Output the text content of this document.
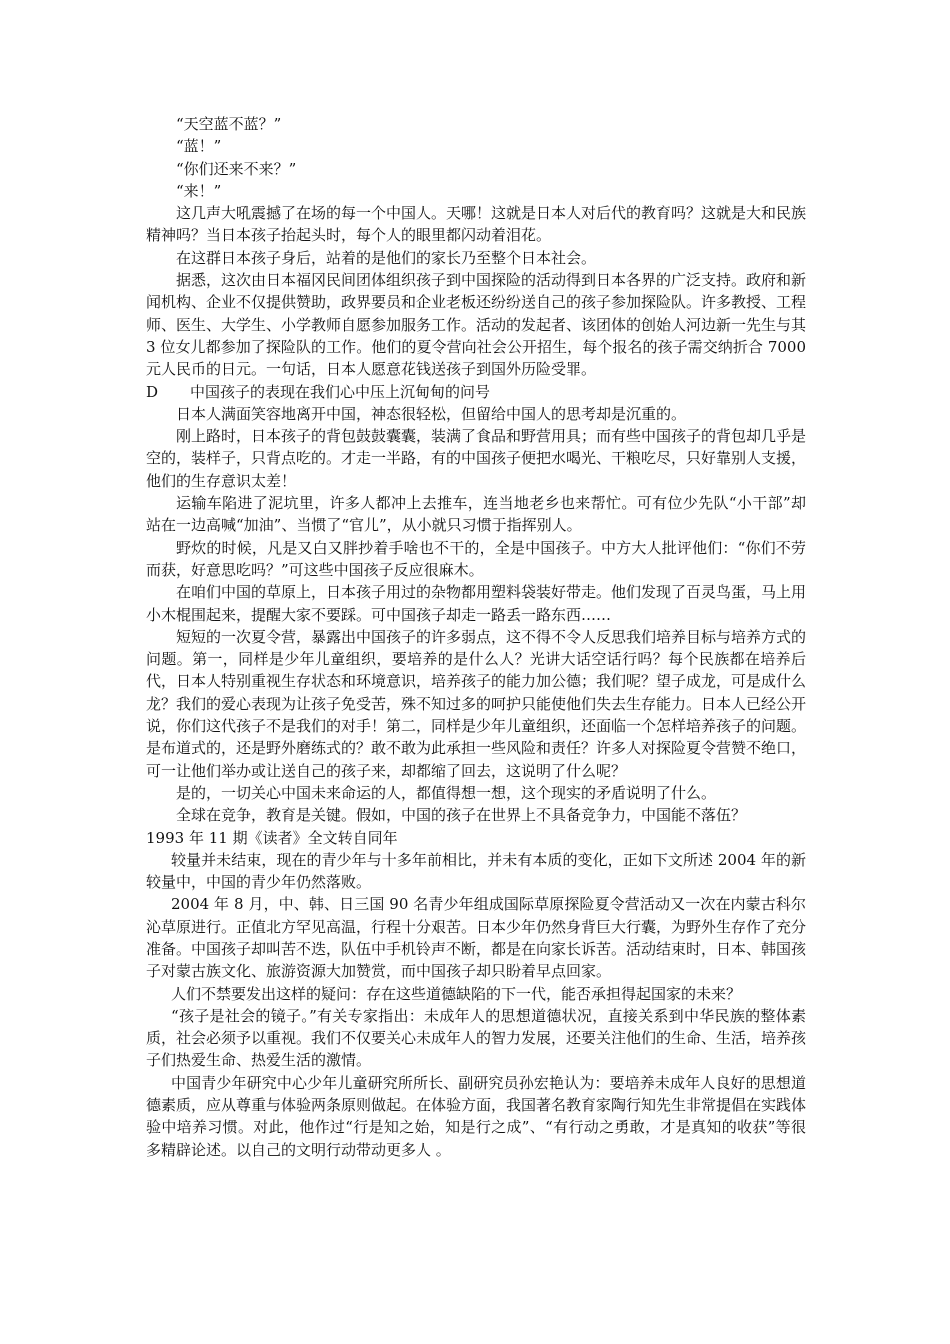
“天空蓝不蓝？”

“蓝！”

“你们还来不来？”

“来！”

这几声大吼震撼了在场的每一个中国人。天哪！这就是日本人对后代的教育吗？这就是大和民族精神吗？当日本孩子抬起头时，每个人的眼里都闪动着泪花。

在这群日本孩子身后，站着的是他们的家长乃至整个日本社会。

据悉，这次由日本福冈民间团体组织孩子到中国探险的活动得到日本各界的广泛支持。政府和新闻机构、企业不仅提供赞助，政界要员和企业老板还纷纷送自己的孩子参加探险队。许多教授、工程师、医生、大学生、小学教师自愿参加服务工作。活动的发起者、该团体的创始人河边新一先生与其 3 位女儿都参加了探险队的工作。他们的夏令营向社会公开招生，每个报名的孩子需交纳折合 7000 元人民币的日元。一句话，日本人愿意花钱送孩子到国外历险受罪。

D 中国孩子的表现在我们心中压上沉甸甸的问号

日本人满面笑容地离开中国，神态很轻松，但留给中国人的思考却是沉重的。

刚上路时，日本孩子的背包鼓鼓囊囊，装满了食品和野营用具；而有些中国孩子的背包却几乎是空的，装样子，只背点吃的。才走一半路，有的中国孩子便把水喝光、干粮吃尽，只好靠别人支援，他们的生存意识太差！

运输车陷进了泥坑里，许多人都冲上去推车，连当地老乡也来帮忙。可有位少先队“小干部”却站在一边高喊“加油”、当惯了“官儿”，从小就只习惯于指挥别人。

野炊的时候，凡是又白又胖抄着手啥也不干的，全是中国孩子。中方大人批评他们：“你们不劳而获，好意思吃吗？”可这些中国孩子反应很麻木。

在咱们中国的草原上，日本孩子用过的杂物都用塑料袋装好带走。他们发现了百灵鸟蛋，马上用小木棍围起来，提醒大家不要踩。可中国孩子却走一路丢一路东西……

短短的一次夏令营，暴露出中国孩子的许多弱点，这不得不令人反思我们培养目标与培养方式的问题。第一，同样是少年儿童组织，要培养的是什么人？光讲大话空话行吗？每个民族都在培养后代，日本人特别重视生存状态和环境意识，培养孩子的能力加公德；我们呢？望子成龙，可是成什么龙？我们的爱心表现为让孩子免受苦，殊不知过多的呵护只能使他们失去生存能力。日本人已经公开说，你们这代孩子不是我们的对手！第二，同样是少年儿童组织，还面临一个怎样培养孩子的问题。是布道式的，还是野外磨练式的？敢不敢为此承担一些风险和责任？许多人对探险夏令营赞不绝口，可一让他们举办或让送自己的孩子来，却都缩了回去，这说明了什么呢？

是的，一切关心中国未来命运的人，都值得想一想，这个现实的矛盾说明了什么。

全球在竞争，教育是关键。假如，中国的孩子在世界上不具备竞争力，中国能不落伍？

1993 年 11 期《读者》全文转自同年

较量并未结束，现在的青少年与十多年前相比，并未有本质的变化，正如下文所述 2004 年的新较量中，中国的青少年仍然落败。

2004 年 8 月，中、韩、日三国 90 名青少年组成国际草原探险夏令营活动又一次在内蒙古科尔沁草原进行。正值北方罕见高温，行程十分艰苦。日本少年仍然身背巨大行囊，为野外生存作了充分准备。中国孩子却叫苦不迭，队伍中手机铃声不断，都是在向家长诉苦。活动结束时，日本、韩国孩子对蒙古族文化、旅游资源大加赞赏，而中国孩子却只盼着早点回家。

人们不禁要发出这样的疑问：存在这些道德缺陷的下一代，能否承担得起国家的未来？

“孩子是社会的镜子。”有关专家指出：未成年人的思想道德状况，直接关系到中华民族的整体素质，社会必须予以重视。我们不仅要关心未成年人的智力发展，还要关注他们的生命、生活，培养孩子们热爱生命、热爱生活的激情。

中国青少年研究中心少年儿童研究所所长、副研究员孙宏艳认为：要培养未成年人良好的思想道德素质，应从尊重与体验两条原则做起。在体验方面，我国著名教育家陶行知先生非常提倡在实践体验中培养习惯。对此，他作过“行是知之始，知是行之成”、“有行动之勇敢，才是真知的收获”等很多精辟论述。以自己的文明行动带动更多人 。
